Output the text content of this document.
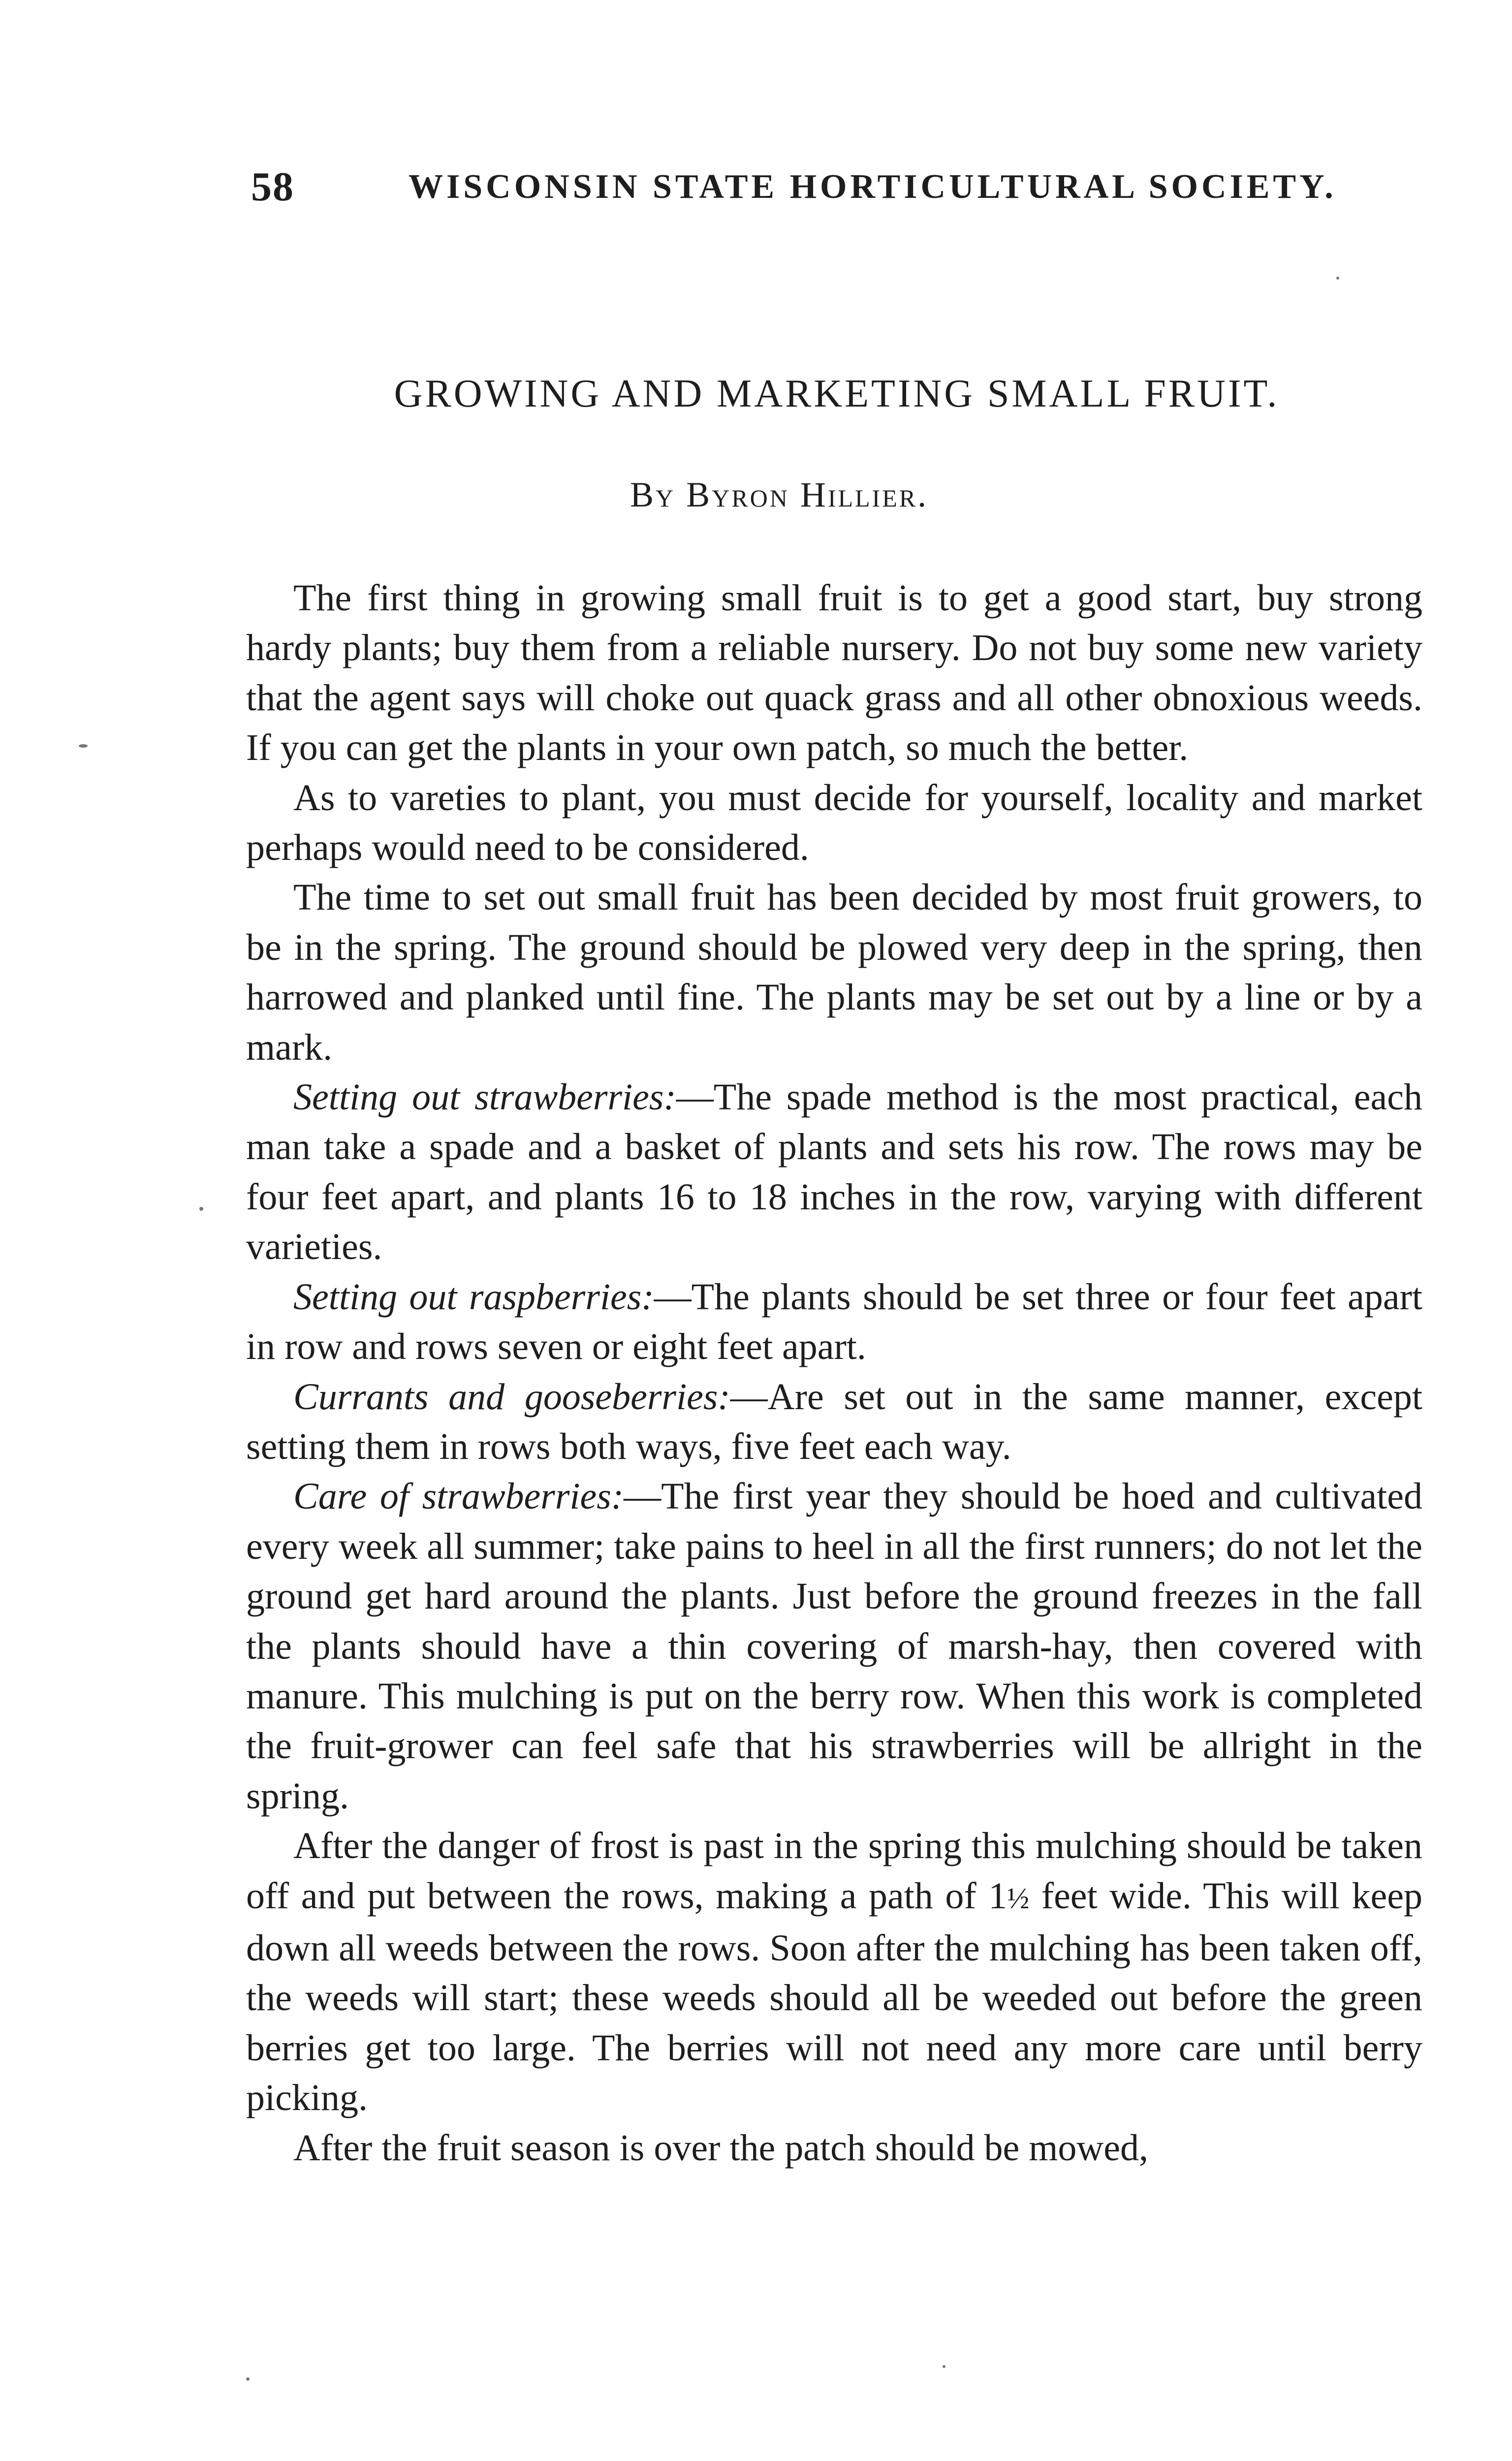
58	WISCONSIN STATE HORTICULTURAL SOCIETY.
GROWING AND MARKETING SMALL FRUIT.
By Byron Hillier.

The first thing in growing small fruit is to get a good start, buy strong hardy plants; buy them from a reliable nursery. Do not buy some new variety that the agent says will choke out quack grass and all other obnoxious weeds. If you can get the plants in your own patch, so much the better.

As to vareties to plant, you must decide for yourself, locality and market perhaps would need to be considered.

The time to set out small fruit has been decided by most fruit growers, to be in the spring. The ground should be plowed very deep in the spring, then harrowed and planked until fine. The plants may be set out by a line or by a mark.

Setting out strawberries:—The spade method is the most practical, each man take a spade and a basket of plants and sets his row. The rows may be four feet apart, and plants 16 to 18 inches in the row, varying with different varieties.

Setting out raspberries:—The plants should be set three or four feet apart in row and rows seven or eight feet apart.

Currants and gooseberries:—Are set out in the same manner, except setting them in rows both ways, five feet each way.

Care of strawberries:—The first year they should be hoed and cultivated every week all summer; take pains to heel in all the first runners; do not let the ground get hard around the plants. Just before the ground freezes in the fall the plants should have a thin covering of marsh-hay, then covered with manure. This mulching is put on the berry row. When this work is completed the fruit-grower can feel safe that his strawberries will be allright in the spring.

After the danger of frost is past in the spring this mulching should be taken off and put between the rows, making a path of 1½ feet wide. This will keep down all weeds between the rows. Soon after the mulching has been taken off, the weeds will start; these weeds should all be weeded out before the green berries get too large. The berries will not need any more care until berry picking.

After the fruit season is over the patch should be mowed,
